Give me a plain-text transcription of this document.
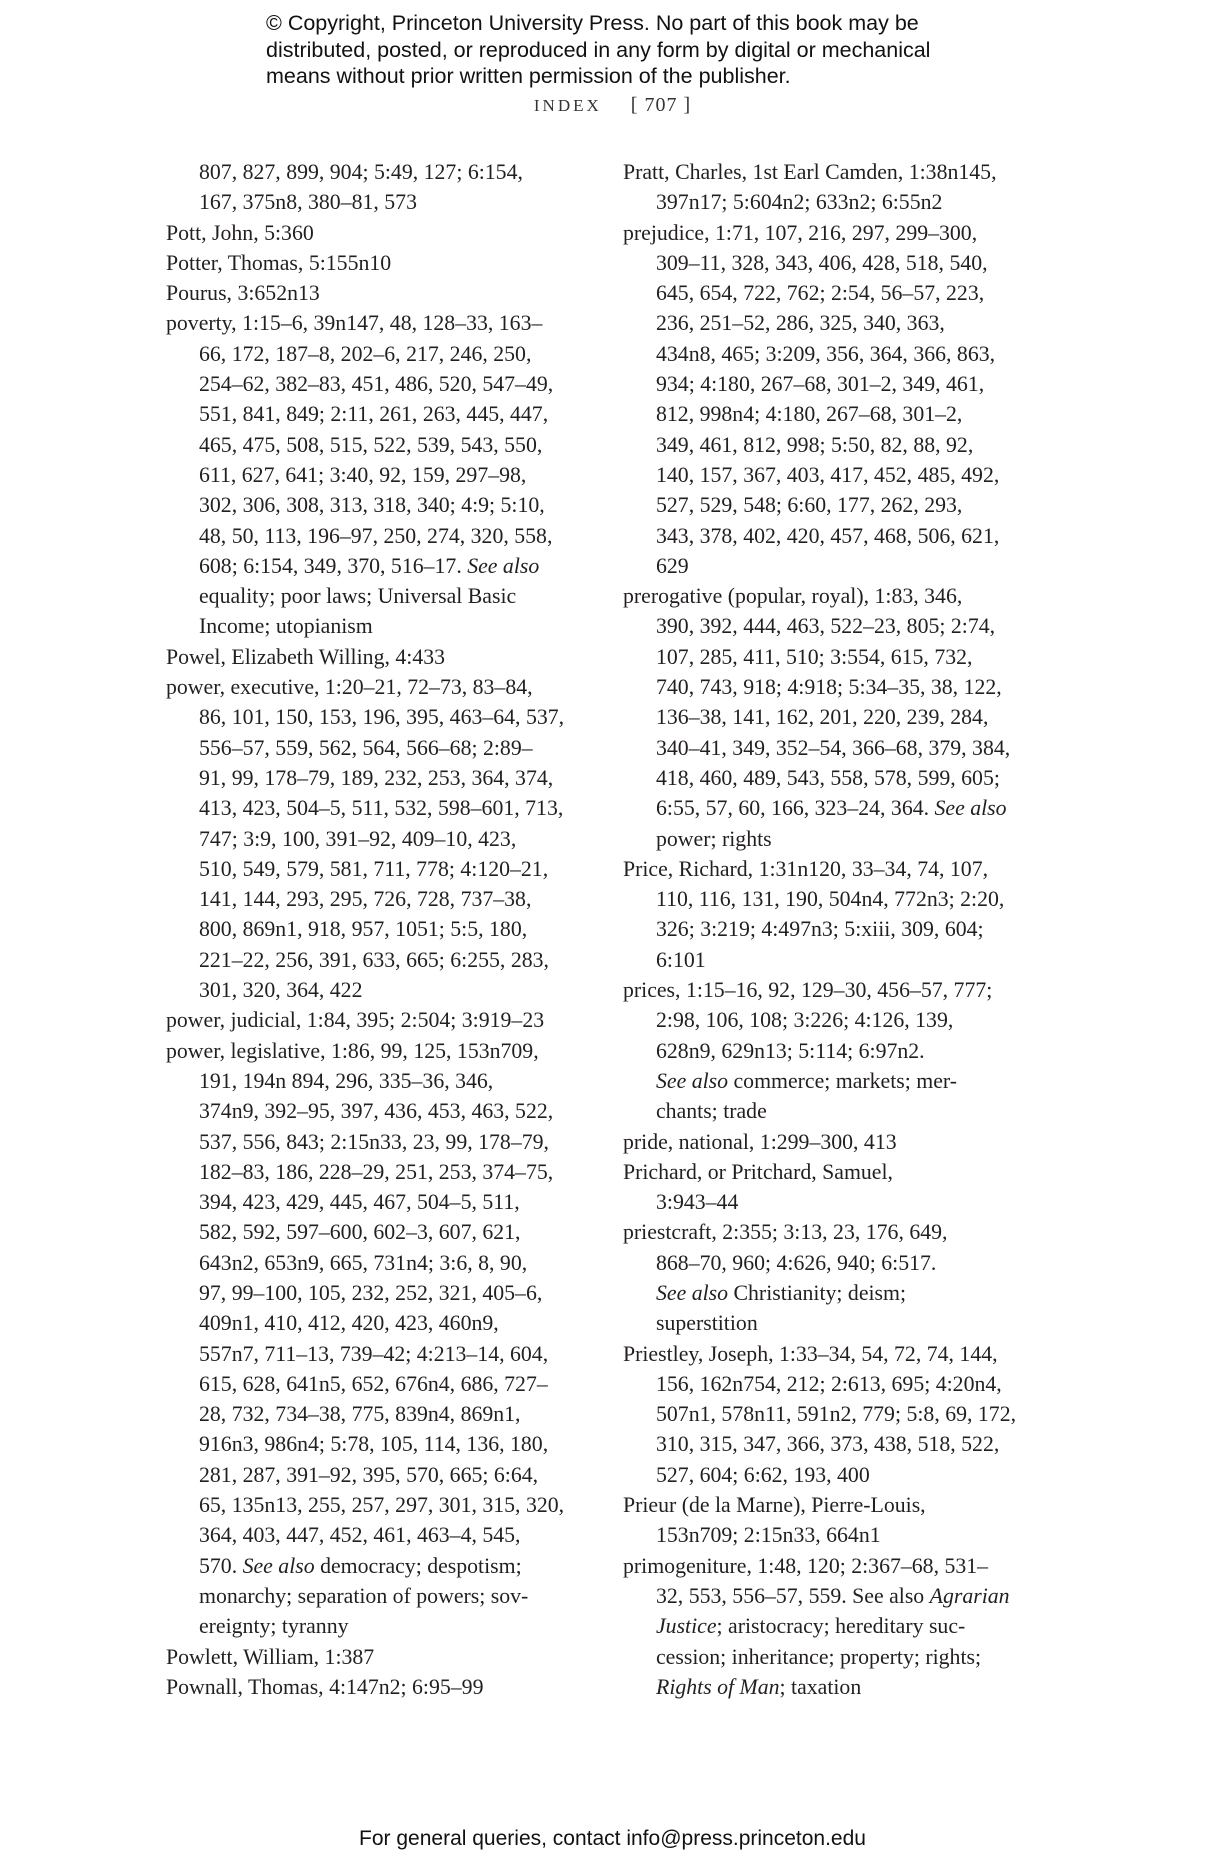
© Copyright, Princeton University Press. No part of this book may be
distributed, posted, or reproduced in any form by digital or mechanical
means without prior written permission of the publisher.
INDEX [ 707 ]
807, 827, 899, 904; 5:49, 127; 6:154,
167, 375n8, 380–81, 573
Pott, John, 5:360
Potter, Thomas, 5:155n10
Pourus, 3:652n13
poverty, 1:15–6, 39n147, 48, 128–33, 163–
66, 172, 187–8, 202–6, 217, 246, 250,
254–62, 382–83, 451, 486, 520, 547–49,
551, 841, 849; 2:11, 261, 263, 445, 447,
465, 475, 508, 515, 522, 539, 543, 550,
611, 627, 641; 3:40, 92, 159, 297–98,
302, 306, 308, 313, 318, 340; 4:9; 5:10,
48, 50, 113, 196–97, 250, 274, 320, 558,
608; 6:154, 349, 370, 516–17. See also
equality; poor laws; Universal Basic
Income; utopianism
Powel, Elizabeth Willing, 4:433
power, executive, 1:20–21, 72–73, 83–84,
86, 101, 150, 153, 196, 395, 463–64, 537,
556–57, 559, 562, 564, 566–68; 2:89–
91, 99, 178–79, 189, 232, 253, 364, 374,
413, 423, 504–5, 511, 532, 598–601, 713,
747; 3:9, 100, 391–92, 409–10, 423,
510, 549, 579, 581, 711, 778; 4:120–21,
141, 144, 293, 295, 726, 728, 737–38,
800, 869n1, 918, 957, 1051; 5:5, 180,
221–22, 256, 391, 633, 665; 6:255, 283,
301, 320, 364, 422
power, judicial, 1:84, 395; 2:504; 3:919–23
power, legislative, 1:86, 99, 125, 153n709,
191, 194n 894, 296, 335–36, 346,
374n9, 392–95, 397, 436, 453, 463, 522,
537, 556, 843; 2:15n33, 23, 99, 178–79,
182–83, 186, 228–29, 251, 253, 374–75,
394, 423, 429, 445, 467, 504–5, 511,
582, 592, 597–600, 602–3, 607, 621,
643n2, 653n9, 665, 731n4; 3:6, 8, 90,
97, 99–100, 105, 232, 252, 321, 405–6,
409n1, 410, 412, 420, 423, 460n9,
557n7, 711–13, 739–42; 4:213–14, 604,
615, 628, 641n5, 652, 676n4, 686, 727–
28, 732, 734–38, 775, 839n4, 869n1,
916n3, 986n4; 5:78, 105, 114, 136, 180,
281, 287, 391–92, 395, 570, 665; 6:64,
65, 135n13, 255, 257, 297, 301, 315, 320,
364, 403, 447, 452, 461, 463–4, 545,
570. See also democracy; despotism;
monarchy; separation of powers; sov-
ereignty; tyranny
Powlett, William, 1:387
Pownall, Thomas, 4:147n2; 6:95–99
Pratt, Charles, 1st Earl Camden, 1:38n145,
397n17; 5:604n2; 633n2; 6:55n2
prejudice, 1:71, 107, 216, 297, 299–300,
309–11, 328, 343, 406, 428, 518, 540,
645, 654, 722, 762; 2:54, 56–57, 223,
236, 251–52, 286, 325, 340, 363,
434n8, 465; 3:209, 356, 364, 366, 863,
934; 4:180, 267–68, 301–2, 349, 461,
812, 998n4; 4:180, 267–68, 301–2,
349, 461, 812, 998; 5:50, 82, 88, 92,
140, 157, 367, 403, 417, 452, 485, 492,
527, 529, 548; 6:60, 177, 262, 293,
343, 378, 402, 420, 457, 468, 506, 621,
629
prerogative (popular, royal), 1:83, 346,
390, 392, 444, 463, 522–23, 805; 2:74,
107, 285, 411, 510; 3:554, 615, 732,
740, 743, 918; 4:918; 5:34–35, 38, 122,
136–38, 141, 162, 201, 220, 239, 284,
340–41, 349, 352–54, 366–68, 379, 384,
418, 460, 489, 543, 558, 578, 599, 605;
6:55, 57, 60, 166, 323–24, 364. See also
power; rights
Price, Richard, 1:31n120, 33–34, 74, 107,
110, 116, 131, 190, 504n4, 772n3; 2:20,
326; 3:219; 4:497n3; 5:xiii, 309, 604;
6:101
prices, 1:15–16, 92, 129–30, 456–57, 777;
2:98, 106, 108; 3:226; 4:126, 139,
628n9, 629n13; 5:114; 6:97n2.
See also commerce; markets; mer-
chants; trade
pride, national, 1:299–300, 413
Prichard, or Pritchard, Samuel,
3:943–44
priestcraft, 2:355; 3:13, 23, 176, 649,
868–70, 960; 4:626, 940; 6:517.
See also Christianity; deism;
superstition
Priestley, Joseph, 1:33–34, 54, 72, 74, 144,
156, 162n754, 212; 2:613, 695; 4:20n4,
507n1, 578n11, 591n2, 779; 5:8, 69, 172,
310, 315, 347, 366, 373, 438, 518, 522,
527, 604; 6:62, 193, 400
Prieur (de la Marne), Pierre-Louis,
153n709; 2:15n33, 664n1
primogeniture, 1:48, 120; 2:367–68, 531–
32, 553, 556–57, 559. See also Agrarian
Justice; aristocracy; hereditary suc-
cession; inheritance; property; rights;
Rights of Man; taxation
For general queries, contact info@press.princeton.edu
